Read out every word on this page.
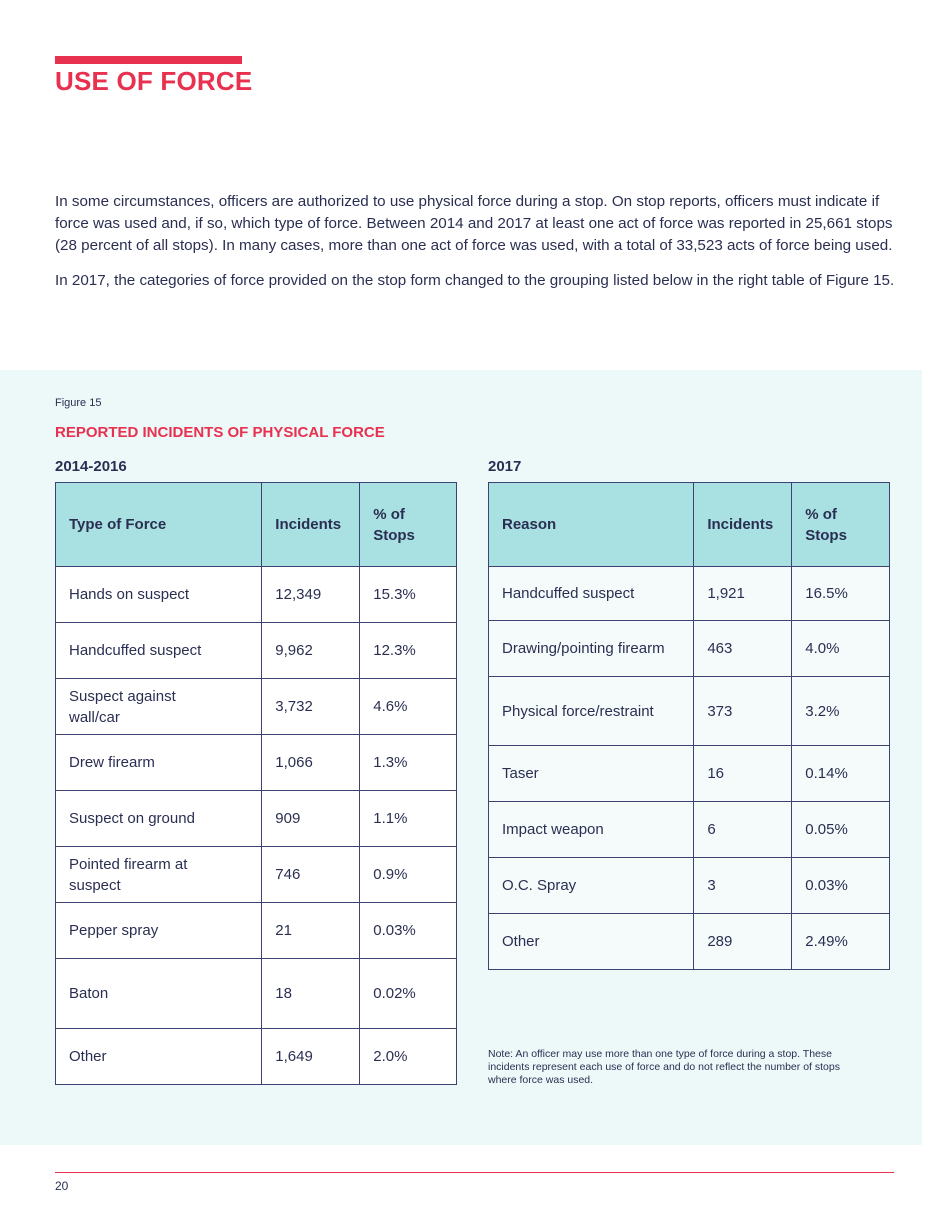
USE OF FORCE

In some circumstances, officers are authorized to use physical force during a stop. On stop reports, officers must indicate if force was used and, if so, which type of force. Between 2014 and 2017 at least one act of force was reported in 25,661 stops (28 percent of all stops). In many cases, more than one act of force was used, with a total of 33,523 acts of force being used.

In 2017, the categories of force provided on the stop form changed to the grouping listed below in the right table of Figure 15.

Figure 15
REPORTED INCIDENTS OF PHYSICAL FORCE
2014-2016
Type of Force	Incidents	% of Stops
Hands on suspect	12,349	15.3%
Handcuffed suspect	9,962	12.3%
Suspect against wall/car	3,732	4.6%
Drew firearm	1,066	1.3%
Suspect on ground	909	1.1%
Pointed firearm at suspect	746	0.9%
Pepper spray	21	0.03%
Baton	18	0.02%
Other	1,649	2.0%
2017
Reason	Incidents	% of Stops
Handcuffed suspect	1,921	16.5%
Drawing/pointing firearm	463	4.0%
Physical force/restraint	373	3.2%
Taser	16	0.14%
Impact weapon	6	0.05%
O.C. Spray	3	0.03%
Other	289	2.49%
Note: An officer may use more than one type of force during a stop. These incidents represent each use of force and do not reflect the number of stops where force was used.
20
